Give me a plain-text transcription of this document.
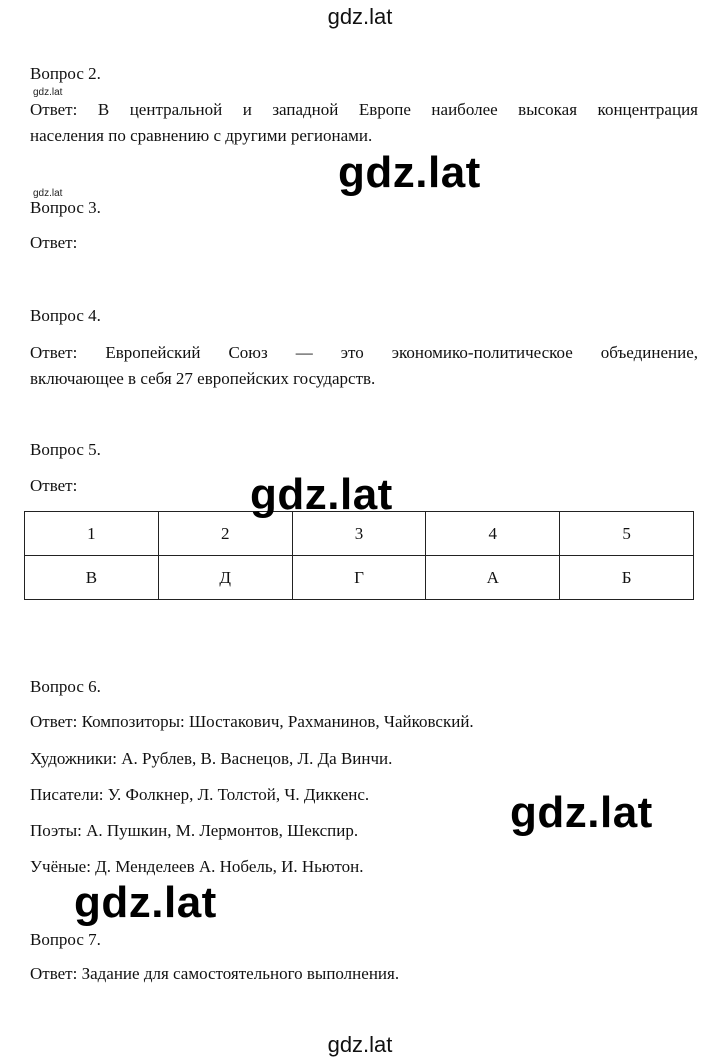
gdz.lat
Вопрос 2.
gdz.lat
Ответ: В центральной и западной Европе наиболее высокая концентрация
населения по сравнению с другими регионами.
gdz.lat
gdz.lat
Вопрос 3.
Ответ:
Вопрос 4.
Ответ: Европейский Союз — это экономико-политическое объединение,
включающее в себя 27 европейских государств.
Вопрос 5.
Ответ:
1	2	3	4	5
В	Д	Г	А	Б
gdz.lat
Вопрос 6.
Ответ: Композиторы: Шостакович, Рахманинов, Чайковский.
Художники: А. Рублев, В. Васнецов, Л. Да Винчи.
Писатели: У. Фолкнер, Л. Толстой, Ч. Диккенс.
Поэты: А. Пушкин, М. Лермонтов, Шекспир.
Учёные: Д. Менделеев А. Нобель, И. Ньютон.
gdz.lat
gdz.lat
Вопрос 7.
Ответ: Задание для самостоятельного выполнения.
gdz.lat
